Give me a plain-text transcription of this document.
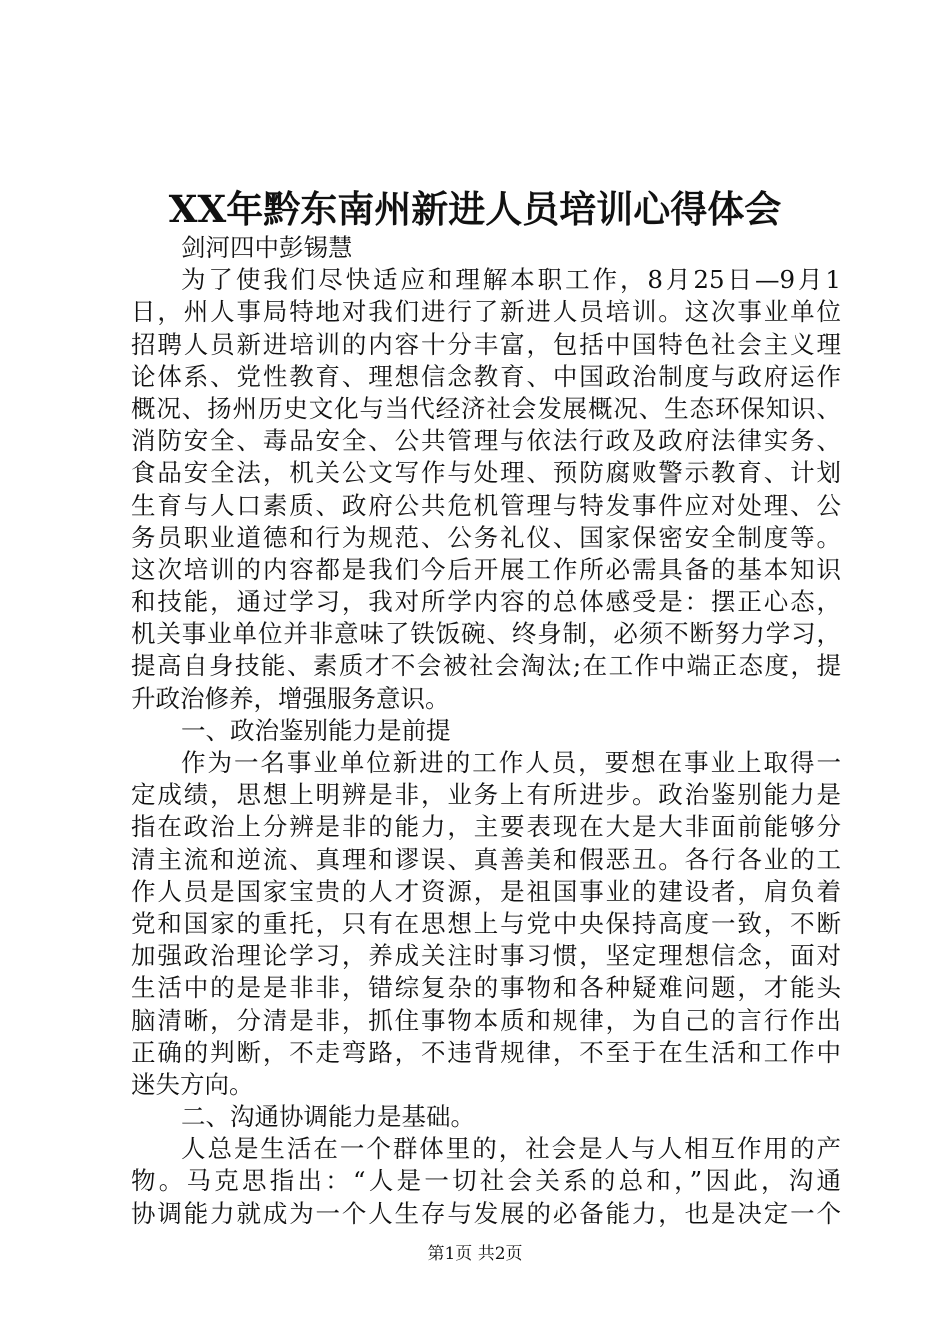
XX年黔东南州新进人员培训心得体会
剑河四中彭锡慧
为了使我们尽快适应和理解本职工作，8月25日—9月1
日，州人事局特地对我们进行了新进人员培训。这次事业单位
招聘人员新进培训的内容十分丰富，包括中国特色社会主义理
论体系、党性教育、理想信念教育、中国政治制度与政府运作
概况、扬州历史文化与当代经济社会发展概况、生态环保知识、
消防安全、毒品安全、公共管理与依法行政及政府法律实务、
食品安全法，机关公文写作与处理、预防腐败警示教育、计划
生育与人口素质、政府公共危机管理与特发事件应对处理、公
务员职业道德和行为规范、公务礼仪、国家保密安全制度等。
这次培训的内容都是我们今后开展工作所必需具备的基本知识
和技能，通过学习，我对所学内容的总体感受是：摆正心态，
机关事业单位并非意味了铁饭碗、终身制，必须不断努力学习，
提高自身技能、素质才不会被社会淘汰;在工作中端正态度，提
升政治修养，增强服务意识。
一、政治鉴别能力是前提
作为一名事业单位新进的工作人员，要想在事业上取得一
定成绩，思想上明辨是非，业务上有所进步。政治鉴别能力是
指在政治上分辨是非的能力，主要表现在大是大非面前能够分
清主流和逆流、真理和谬误、真善美和假恶丑。各行各业的工
作人员是国家宝贵的人才资源，是祖国事业的建设者，肩负着
党和国家的重托，只有在思想上与党中央保持高度一致，不断
加强政治理论学习，养成关注时事习惯，坚定理想信念，面对
生活中的是是非非，错综复杂的事物和各种疑难问题，才能头
脑清晰，分清是非，抓住事物本质和规律，为自己的言行作出
正确的判断，不走弯路，不违背规律，不至于在生活和工作中
迷失方向。
二、沟通协调能力是基础。
人总是生活在一个群体里的，社会是人与人相互作用的产
物。马克思指出：“人是一切社会关系的总和，”因此，沟通
协调能力就成为一个人生存与发展的必备能力，也是决定一个
第1页 共2页
